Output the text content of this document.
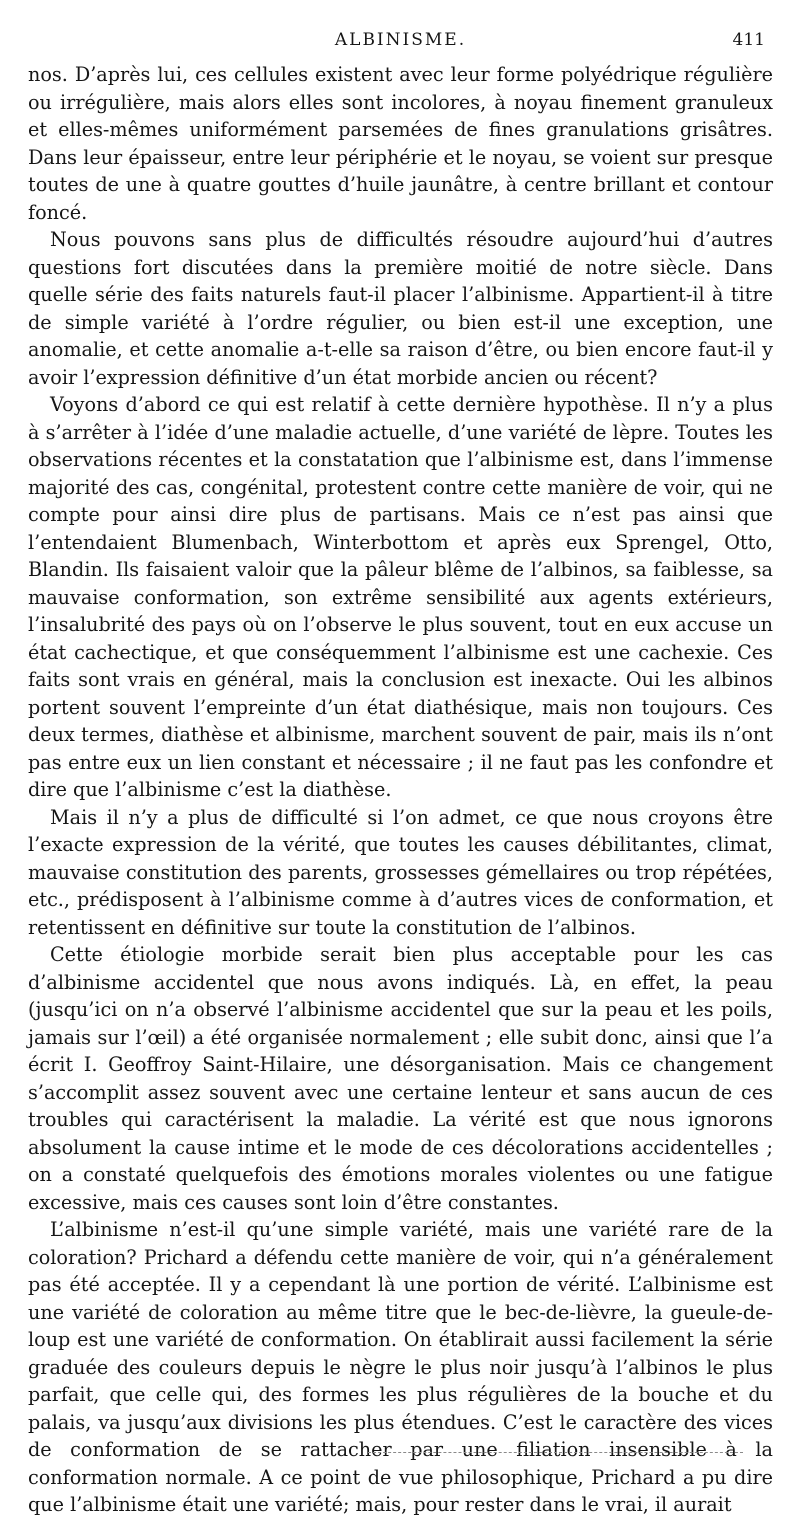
ALBINISME.	411

nos. D’après lui, ces cellules existent avec leur forme polyédrique régulière ou irrégulière, mais alors elles sont incolores, à noyau finement granuleux et elles-mêmes uniformément parsemées de fines granulations grisâtres. Dans leur épaisseur, entre leur périphérie et le noyau, se voient sur presque toutes de une à quatre gouttes d’huile jaunâtre, à centre brillant et contour foncé.

Nous pouvons sans plus de difficultés résoudre aujourd’hui d’autres questions fort discutées dans la première moitié de notre siècle. Dans quelle série des faits naturels faut-il placer l’albinisme. Appartient-il à titre de simple variété à l’ordre régulier, ou bien est-il une exception, une anomalie, et cette anomalie a-t-elle sa raison d’être, ou bien encore faut-il y avoir l’expression définitive d’un état morbide ancien ou récent?

Voyons d’abord ce qui est relatif à cette dernière hypothèse. Il n’y a plus à s’arrêter à l’idée d’une maladie actuelle, d’une variété de lèpre. Toutes les observations récentes et la constatation que l’albinisme est, dans l’immense majorité des cas, congénital, protestent contre cette manière de voir, qui ne compte pour ainsi dire plus de partisans. Mais ce n’est pas ainsi que l’entendaient Blumenbach, Winterbottom et après eux Sprengel, Otto, Blandin. Ils faisaient valoir que la pâleur blême de l’albinos, sa faiblesse, sa mauvaise conformation, son extrême sensibilité aux agents extérieurs, l’insalubrité des pays où on l’observe le plus souvent, tout en eux accuse un état cachectique, et que conséquemment l’albinisme est une cachexie. Ces faits sont vrais en général, mais la conclusion est inexacte. Oui les albinos portent souvent l’empreinte d’un état diathésique, mais non toujours. Ces deux termes, diathèse et albinisme, marchent souvent de pair, mais ils n’ont pas entre eux un lien constant et nécessaire ; il ne faut pas les confondre et dire que l’albinisme c’est la diathèse.

Mais il n’y a plus de difficulté si l’on admet, ce que nous croyons être l’exacte expression de la vérité, que toutes les causes débilitantes, climat, mauvaise constitution des parents, grossesses gémellaires ou trop répétées, etc., prédisposent à l’albinisme comme à d’autres vices de conformation, et retentissent en définitive sur toute la constitution de l’albinos.

Cette étiologie morbide serait bien plus acceptable pour les cas d’albinisme accidentel que nous avons indiqués. Là, en effet, la peau (jusqu’ici on n’a observé l’albinisme accidentel que sur la peau et les poils, jamais sur l’œil) a été organisée normalement ; elle subit donc, ainsi que l’a écrit I. Geoffroy Saint-Hilaire, une désorganisation. Mais ce changement s’accomplit assez souvent avec une certaine lenteur et sans aucun de ces troubles qui caractérisent la maladie. La vérité est que nous ignorons absolument la cause intime et le mode de ces décolorations accidentelles ; on a constaté quelquefois des émotions morales violentes ou une fatigue excessive, mais ces causes sont loin d’être constantes.

L’albinisme n’est-il qu’une simple variété, mais une variété rare de la coloration? Prichard a défendu cette manière de voir, qui n’a généralement pas été acceptée. Il y a cependant là une portion de vérité. L’albinisme est une variété de coloration au même titre que le bec-de-lièvre, la gueule-de-loup est une variété de conformation. On établirait aussi facilement la série graduée des couleurs depuis le nègre le plus noir jusqu’à l’albinos le plus parfait, que celle qui, des formes les plus régulières de la bouche et du palais, va jusqu’aux divisions les plus étendues. C’est le caractère des vices de conformation de se rattacher par une filiation insensible à la conformation normale. A ce point de vue philosophique, Prichard a pu dire que l’albinisme était une variété; mais, pour rester dans le vrai, il aurait
